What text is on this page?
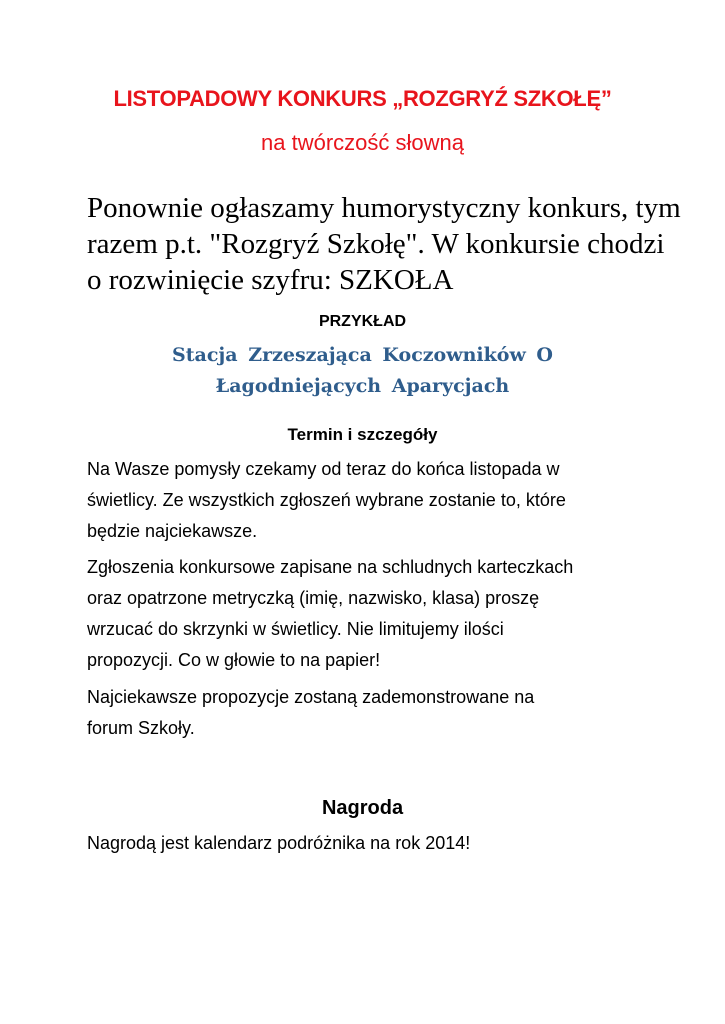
LISTOPADOWY KONKURS „ROZGRYŹ SZKOŁĘ”
na twórczość słowną
Ponownie ogłaszamy humorystyczny konkurs, tym
razem p.t. "Rozgryź Szkołę". W konkursie chodzi
o rozwinięcie szyfru: SZKOŁA
PRZYKŁAD
Stacja Zrzeszająca Koczowników O
Łagodniejących Aparycjach
Termin i szczegóły
Na Wasze pomysły czekamy od teraz do końca listopada w
świetlicy. Ze wszystkich zgłoszeń wybrane zostanie to, które
będzie najciekawsze.
Zgłoszenia konkursowe zapisane na schludnych karteczkach
oraz opatrzone metryczką (imię, nazwisko, klasa) proszę
wrzucać do skrzynki w świetlicy. Nie limitujemy ilości
propozycji. Co w głowie to na papier!
Najciekawsze propozycje zostaną zademonstrowane na
forum Szkoły.
Nagroda
Nagrodą jest kalendarz podróżnika na rok 2014!
